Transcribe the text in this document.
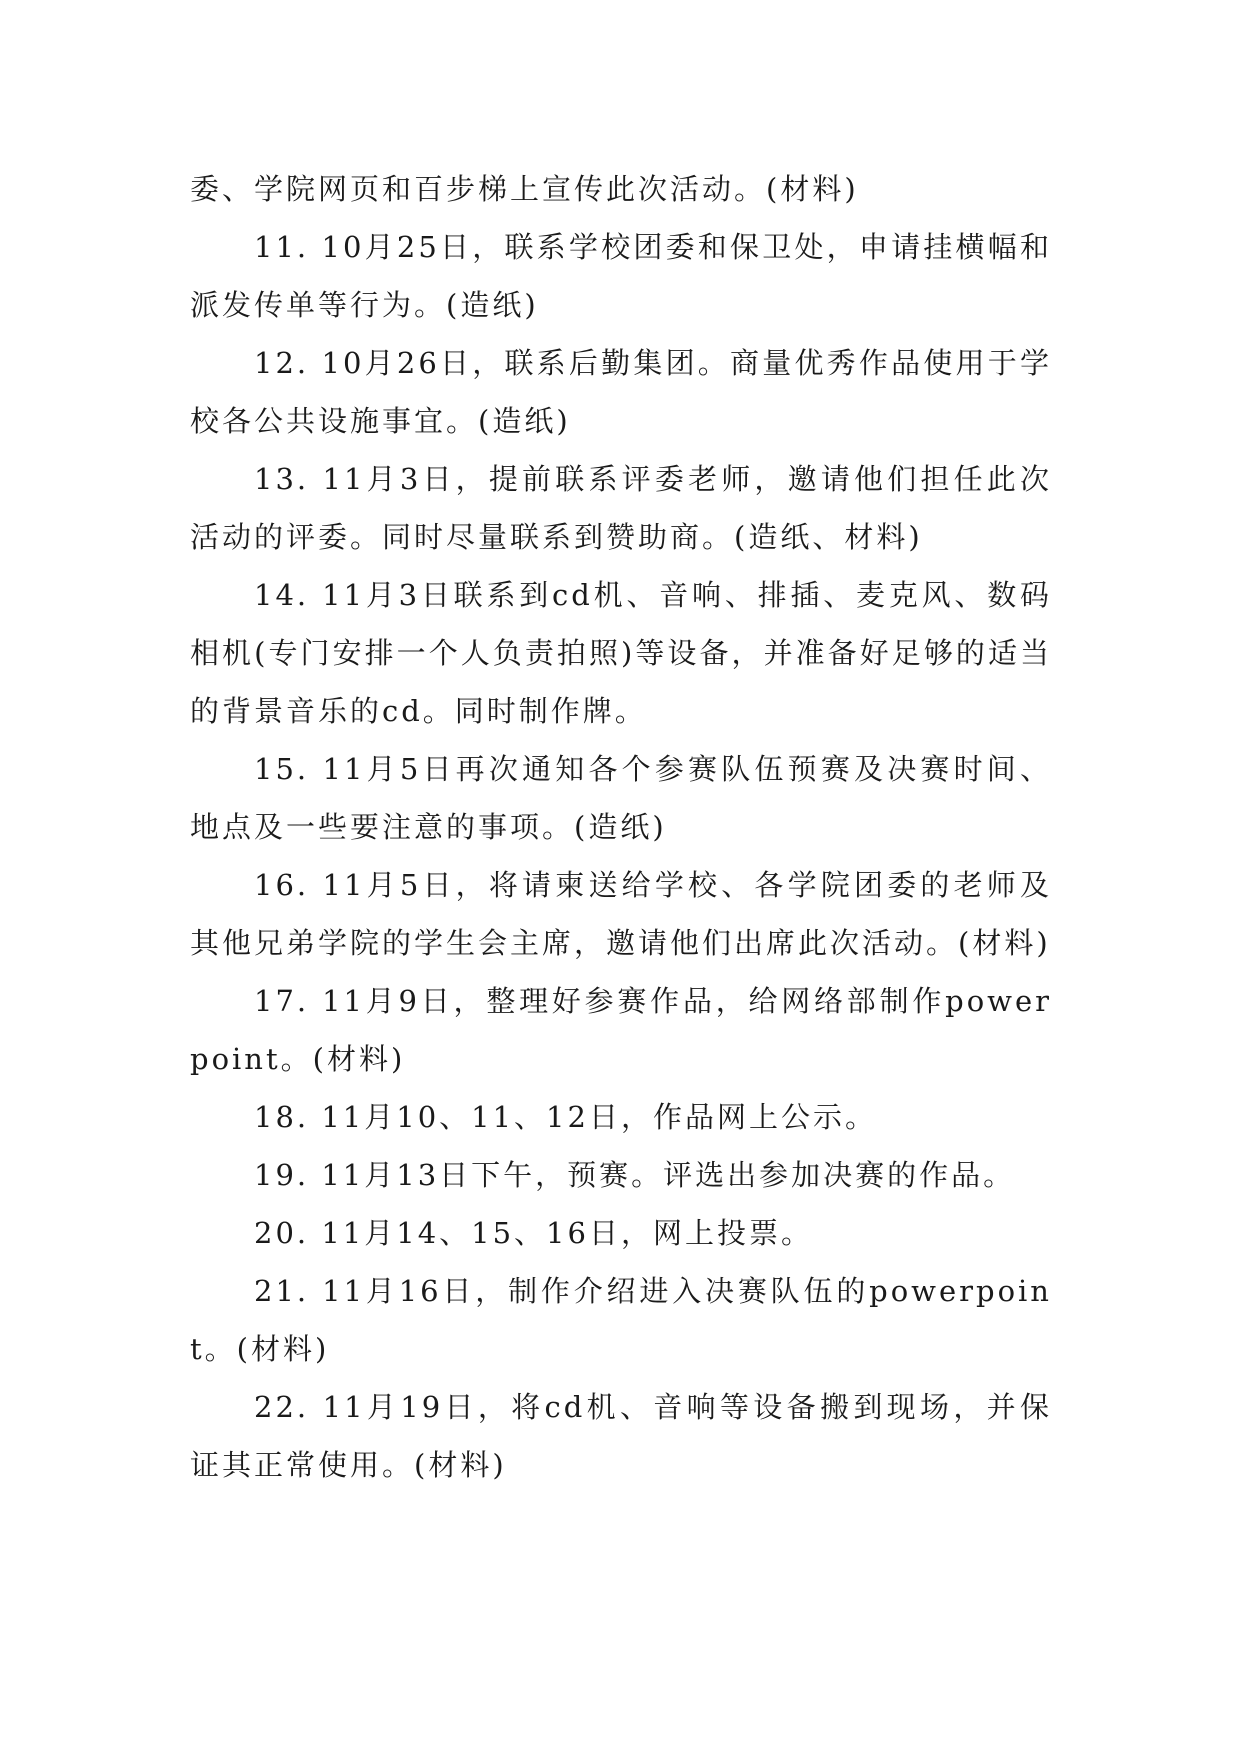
委、学院网页和百步梯上宣传此次活动。(材料)

11. 10月25日，联系学校团委和保卫处，申请挂横幅和派发传单等行为。(造纸)

12. 10月26日，联系后勤集团。商量优秀作品使用于学校各公共设施事宜。(造纸)

13. 11月3日，提前联系评委老师，邀请他们担任此次活动的评委。同时尽量联系到赞助商。(造纸、材料)

14. 11月3日联系到cd机、音响、排插、麦克风、数码相机(专门安排一个人负责拍照)等设备，并准备好足够的适当的背景音乐的cd。同时制作牌。

15. 11月5日再次通知各个参赛队伍预赛及决赛时间、地点及一些要注意的事项。(造纸)

16. 11月5日，将请柬送给学校、各学院团委的老师及其他兄弟学院的学生会主席，邀请他们出席此次活动。(材料)

17. 11月9日，整理好参赛作品，给网络部制作powerpoint。(材料)

18. 11月10、11、12日，作品网上公示。

19. 11月13日下午，预赛。评选出参加决赛的作品。

20. 11月14、15、16日，网上投票。

21. 11月16日，制作介绍进入决赛队伍的powerpoint。(材料)

22. 11月19日，将cd机、音响等设备搬到现场，并保证其正常使用。(材料)
